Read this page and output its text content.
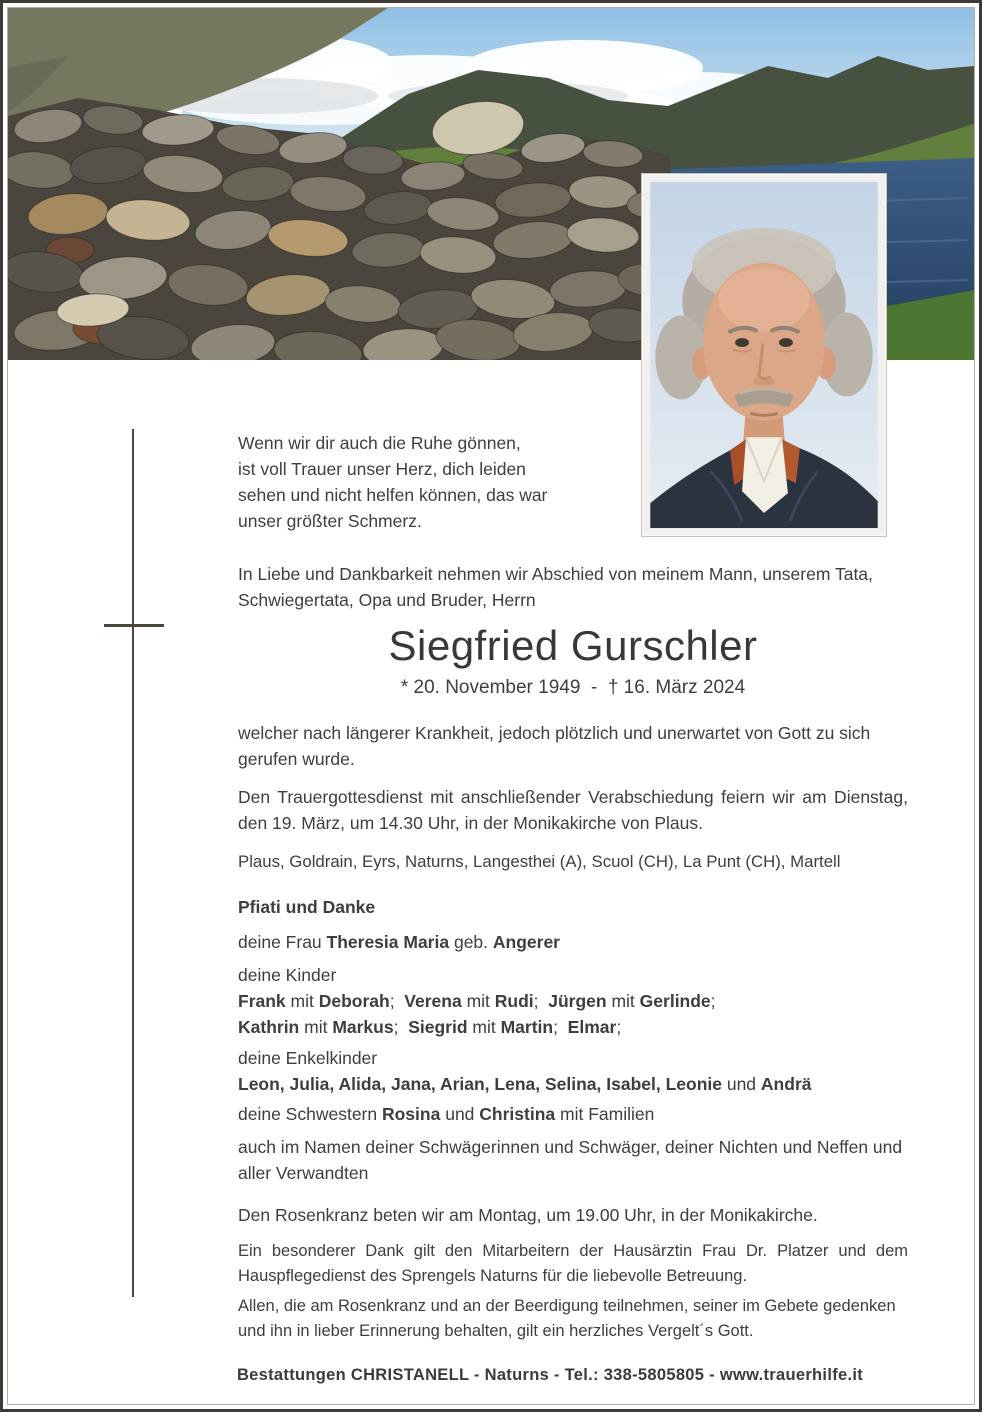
Wenn wir dir auch die Ruhe gönnen,
ist voll Trauer unser Herz, dich leiden
sehen und nicht helfen können, das war
unser größter Schmerz.
In Liebe und Dankbarkeit nehmen wir Abschied von meinem Mann, unserem Tata, Schwiegertata, Opa und Bruder, Herrn
Siegfried Gurschler
* 20. November 1949  -  † 16. März 2024
welcher nach längerer Krankheit, jedoch plötzlich und unerwartet von Gott zu sich gerufen wurde.
Den Trauergottesdienst mit anschließender Verabschiedung feiern wir am Dienstag, den 19. März, um 14.30 Uhr, in der Monikakirche von Plaus.
Plaus, Goldrain, Eyrs, Naturns, Langesthei (A), Scuol (CH), La Punt (CH), Martell
Pfiati und Danke
deine Frau Theresia Maria geb. Angerer
deine Kinder
Frank mit Deborah;  Verena mit Rudi;  Jürgen mit Gerlinde;
Kathrin mit Markus;  Siegrid mit Martin;  Elmar;
deine Enkelkinder
Leon, Julia, Alida, Jana, Arian, Lena, Selina, Isabel, Leonie und Andrä
deine Schwestern Rosina und Christina mit Familien
auch im Namen deiner Schwägerinnen und Schwäger, deiner Nichten und Neffen und aller Verwandten
Den Rosenkranz beten wir am Montag, um 19.00 Uhr, in der Monikakirche.
Ein besonderer Dank gilt den Mitarbeitern der Hausärztin Frau Dr. Platzer und dem Hauspflegedienst des Sprengels Naturns für die liebevolle Betreuung.
Allen, die am Rosenkranz und an der Beerdigung teilnehmen, seiner im Gebete gedenken und ihn in lieber Erinnerung behalten, gilt ein herzliches Vergelt´s Gott.
Bestattungen CHRISTANELL - Naturns - Tel.: 338-5805805 - www.trauerhilfe.it
